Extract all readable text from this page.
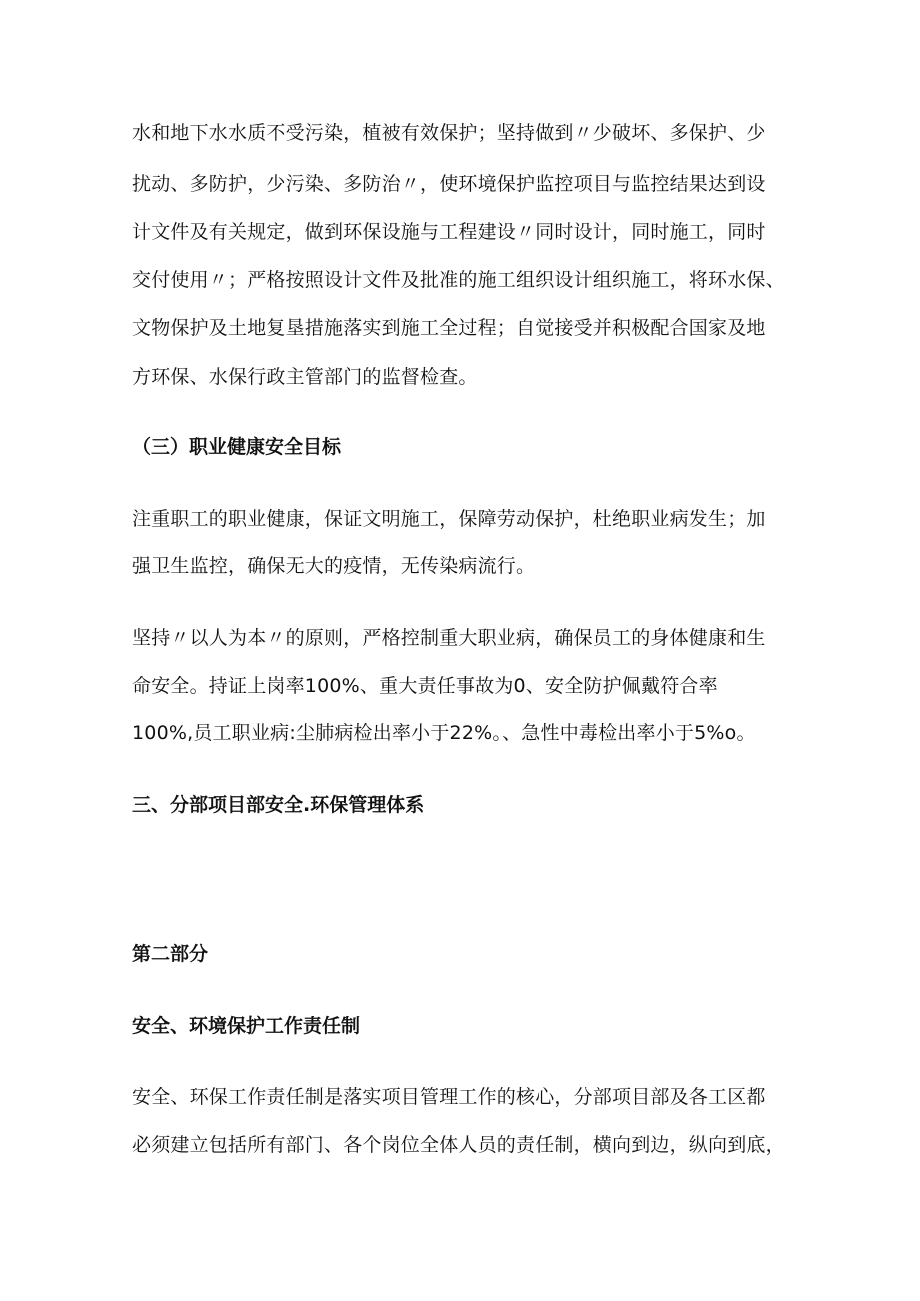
水和地下水水质不受污染，植被有效保护；坚持做到〃少破坏、多保护、少
扰动、多防护，少污染、多防治〃，使环境保护监控项目与监控结果达到设
计文件及有关规定，做到环保设施与工程建设〃同时设计，同时施工，同时
交付使用〃；严格按照设计文件及批准的施工组织设计组织施工，将环水保、
文物保护及土地复垦措施落实到施工全过程；自觉接受并积极配合国家及地
方环保、水保行政主管部门的监督检查。
（三）职业健康安全目标
注重职工的职业健康，保证文明施工，保障劳动保护，杜绝职业病发生；加
强卫生监控，确保无大的疫情，无传染病流行。
坚持〃以人为本〃的原则，严格控制重大职业病，确保员工的身体健康和生
命安全。持证上岗率100%、重大责任事故为0、安全防护佩戴符合率
100%,员工职业病:尘肺病检出率小于22%。、急性中毒检出率小于5%o。
三、分部项目部安全.环保管理体系
第二部分
安全、环境保护工作责任制
安全、环保工作责任制是落实项目管理工作的核心，分部项目部及各工区都
必须建立包括所有部门、各个岗位全体人员的责任制，横向到边，纵向到底，
